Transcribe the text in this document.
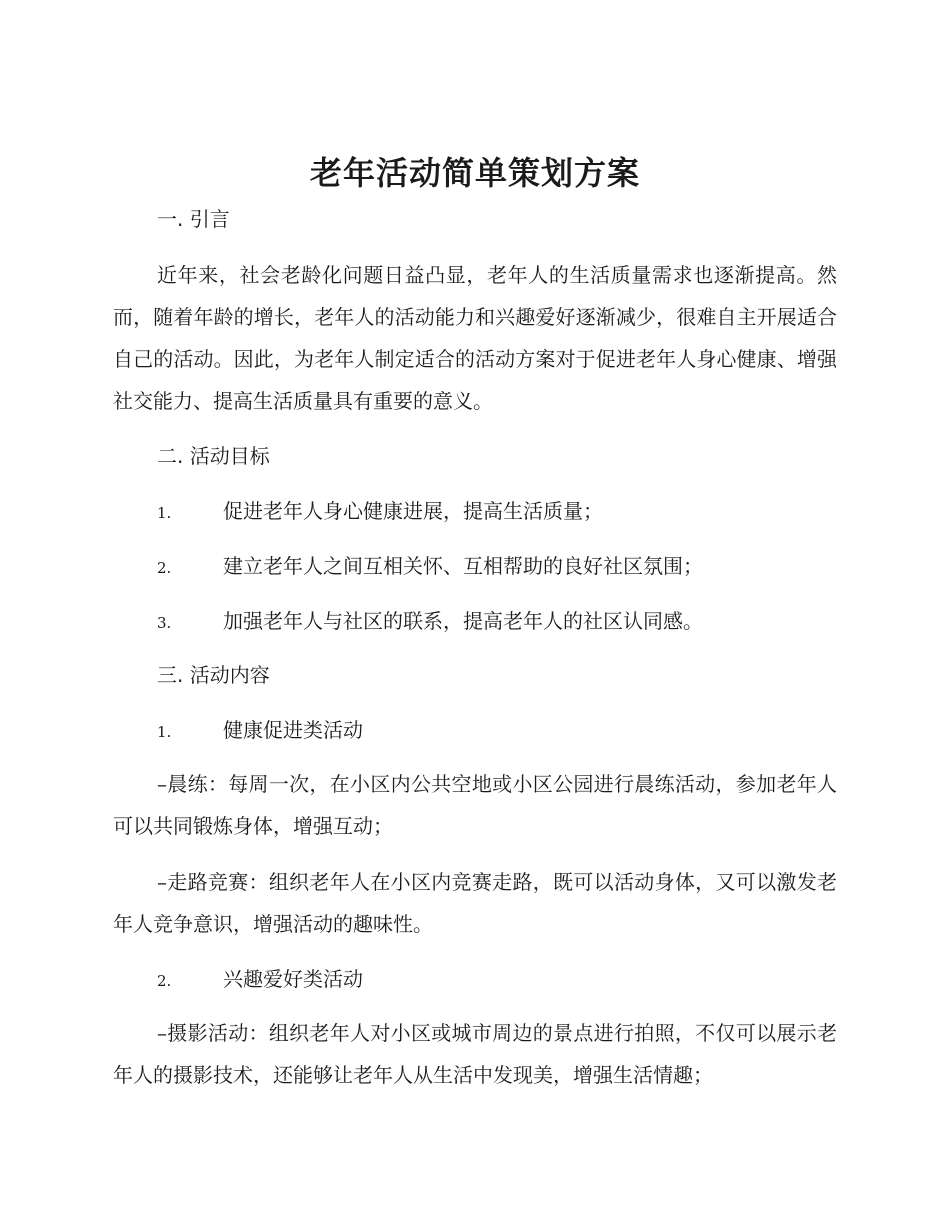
老年活动简单策划方案
一. 引言

近年来，社会老龄化问题日益凸显，老年人的生活质量需求也逐渐提高。然而，随着年龄的增长，老年人的活动能力和兴趣爱好逐渐减少，很难自主开展适合自己的活动。因此，为老年人制定适合的活动方案对于促进老年人身心健康、增强社交能力、提高生活质量具有重要的意义。

二. 活动目标
1.	促进老年人身心健康进展，提高生活质量；
2.	建立老年人之间互相关怀、互相帮助的良好社区氛围；
3.	加强老年人与社区的联系，提高老年人的社区认同感。
三. 活动内容
1.	健康促进类活动

–晨练：每周一次，在小区内公共空地或小区公园进行晨练活动，参加老年人可以共同锻炼身体，增强互动；

–走路竞赛：组织老年人在小区内竞赛走路，既可以活动身体，又可以激发老年人竞争意识，增强活动的趣味性。

2.	兴趣爱好类活动

–摄影活动：组织老年人对小区或城市周边的景点进行拍照，不仅可以展示老年人的摄影技术，还能够让老年人从生活中发现美，增强生活情趣；
